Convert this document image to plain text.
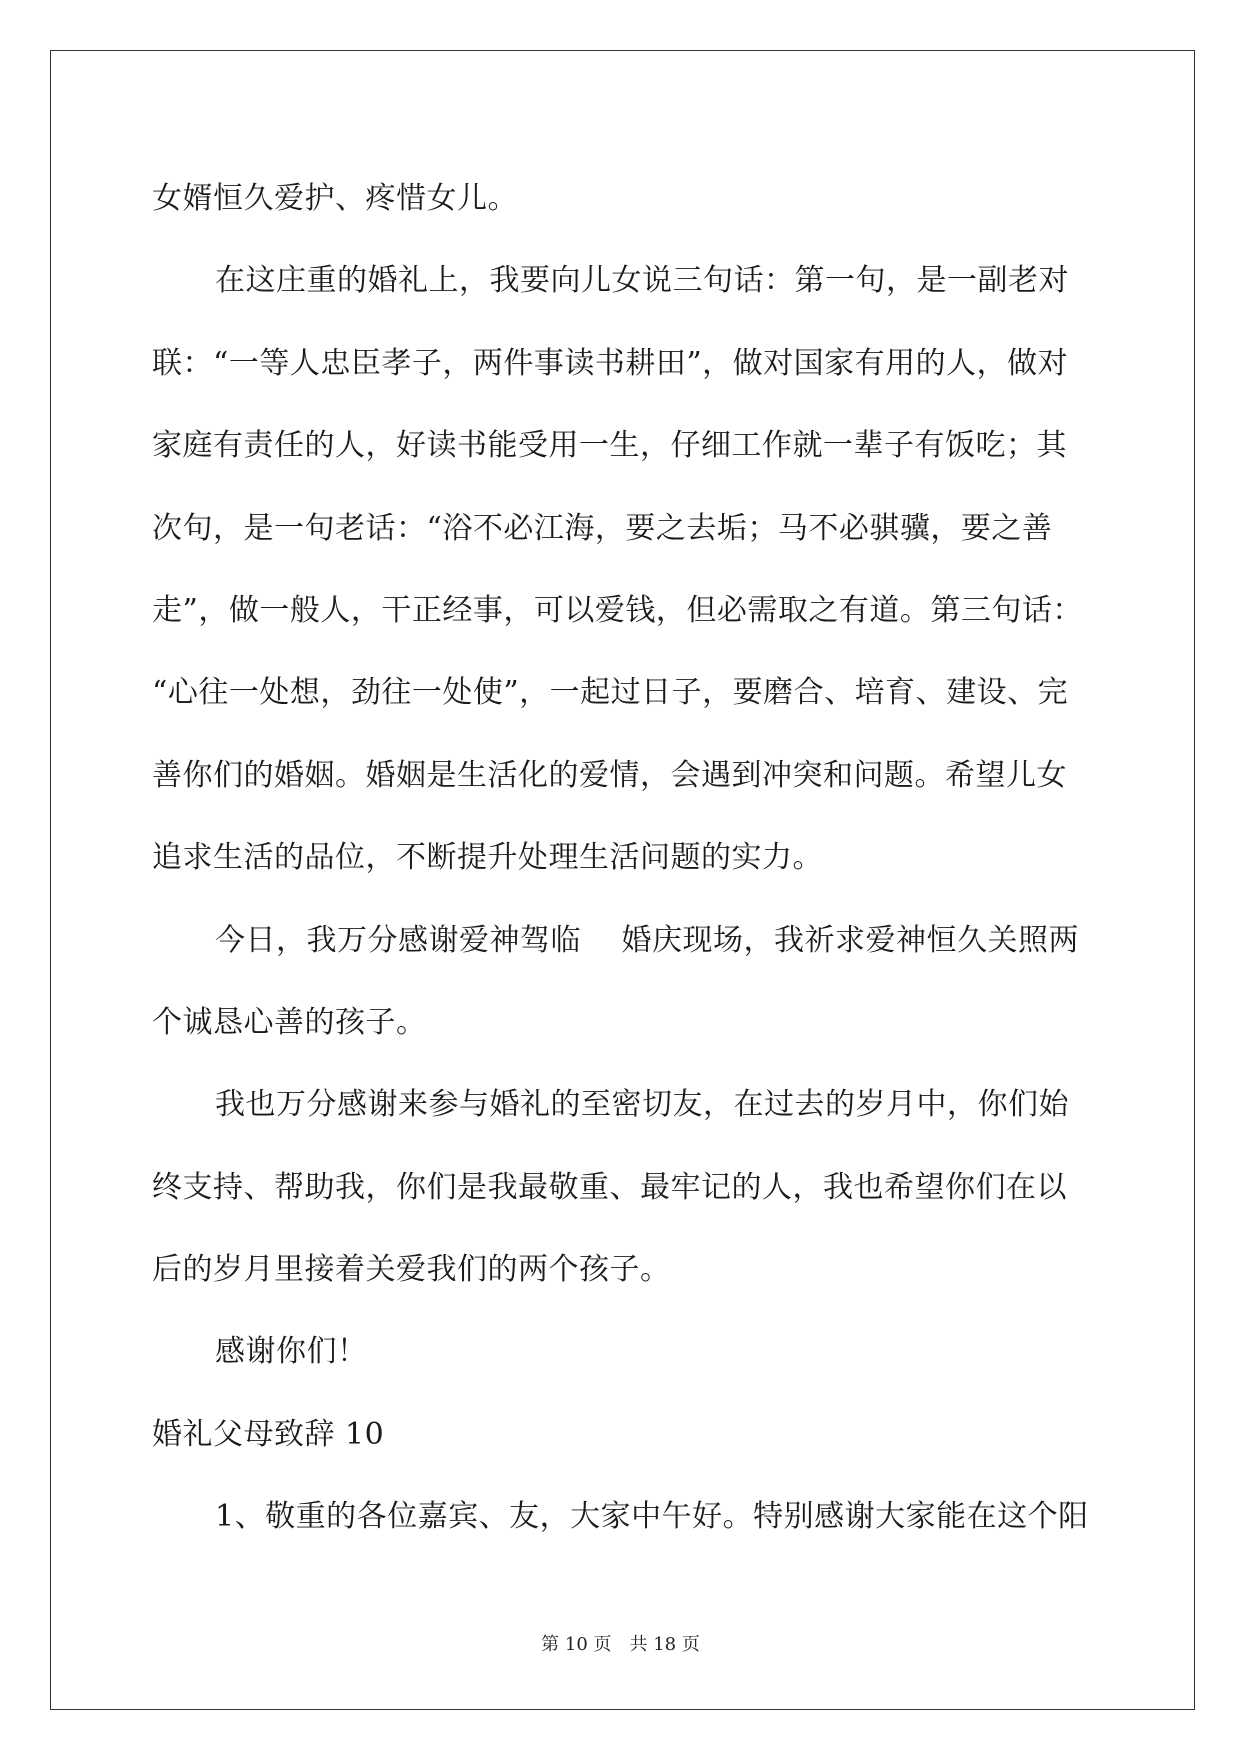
女婿恒久爱护、疼惜女儿。
在这庄重的婚礼上，我要向儿女说三句话：第一句，是一副老对
联：“一等人忠臣孝子，两件事读书耕田”，做对国家有用的人，做对
家庭有责任的人，好读书能受用一生，仔细工作就一辈子有饭吃；其
次句，是一句老话：“浴不必江海，要之去垢；马不必骐骥，要之善
走”，做一般人，干正经事，可以爱钱，但必需取之有道。第三句话：
“心往一处想，劲往一处使”，一起过日子，要磨合、培育、建设、完
善你们的婚姻。婚姻是生活化的爱情，会遇到冲突和问题。希望儿女
追求生活的品位，不断提升处理生活问题的实力。
今日，我万分感谢爱神驾临　 婚庆现场，我祈求爱神恒久关照两
个诚恳心善的孩子。
我也万分感谢来参与婚礼的至密切友，在过去的岁月中，你们始
终支持、帮助我，你们是我最敬重、最牢记的人，我也希望你们在以
后的岁月里接着关爱我们的两个孩子。
感谢你们！
婚礼父母致辞 10
1、敬重的各位嘉宾、友，大家中午好。特别感谢大家能在这个阳
第 10 页 共 18 页
